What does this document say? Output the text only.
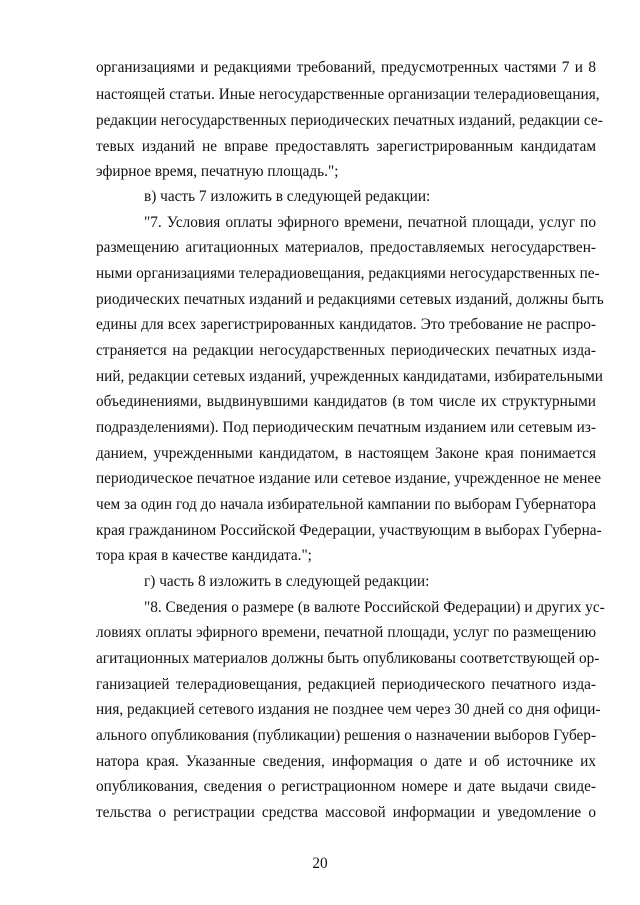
организациями и редакциями требований, предусмотренных частями 7 и 8
настоящей статьи. Иные негосударственные организации телерадиовещания,
редакции негосударственных периодических печатных изданий, редакции се-
тевых изданий не вправе предоставлять зарегистрированным кандидатам
эфирное время, печатную площадь.";
в) часть 7 изложить в следующей редакции:
"7. Условия оплаты эфирного времени, печатной площади, услуг по
размещению агитационных материалов, предоставляемых негосударствен-
ными организациями телерадиовещания, редакциями негосударственных пе-
риодических печатных изданий и редакциями сетевых изданий, должны быть
едины для всех зарегистрированных кандидатов. Это требование не распро-
страняется на редакции негосударственных периодических печатных изда-
ний, редакции сетевых изданий, учрежденных кандидатами, избирательными
объединениями, выдвинувшими кандидатов (в том числе их структурными
подразделениями). Под периодическим печатным изданием или сетевым из-
данием, учрежденными кандидатом, в настоящем Законе края понимается
периодическое печатное издание или сетевое издание, учрежденное не менее
чем за один год до начала избирательной кампании по выборам Губернатора
края гражданином Российской Федерации, участвующим в выборах Губерна-
тора края в качестве кандидата.";
г) часть 8 изложить в следующей редакции:
"8. Сведения о размере (в валюте Российской Федерации) и других ус-
ловиях оплаты эфирного времени, печатной площади, услуг по размещению
агитационных материалов должны быть опубликованы соответствующей ор-
ганизацией телерадиовещания, редакцией периодического печатного изда-
ния, редакцией сетевого издания не позднее чем через 30 дней со дня офици-
ального опубликования (публикации) решения о назначении выборов Губер-
натора края. Указанные сведения, информация о дате и об источнике их
опубликования, сведения о регистрационном номере и дате выдачи свиде-
тельства о регистрации средства массовой информации и уведомление о
20
